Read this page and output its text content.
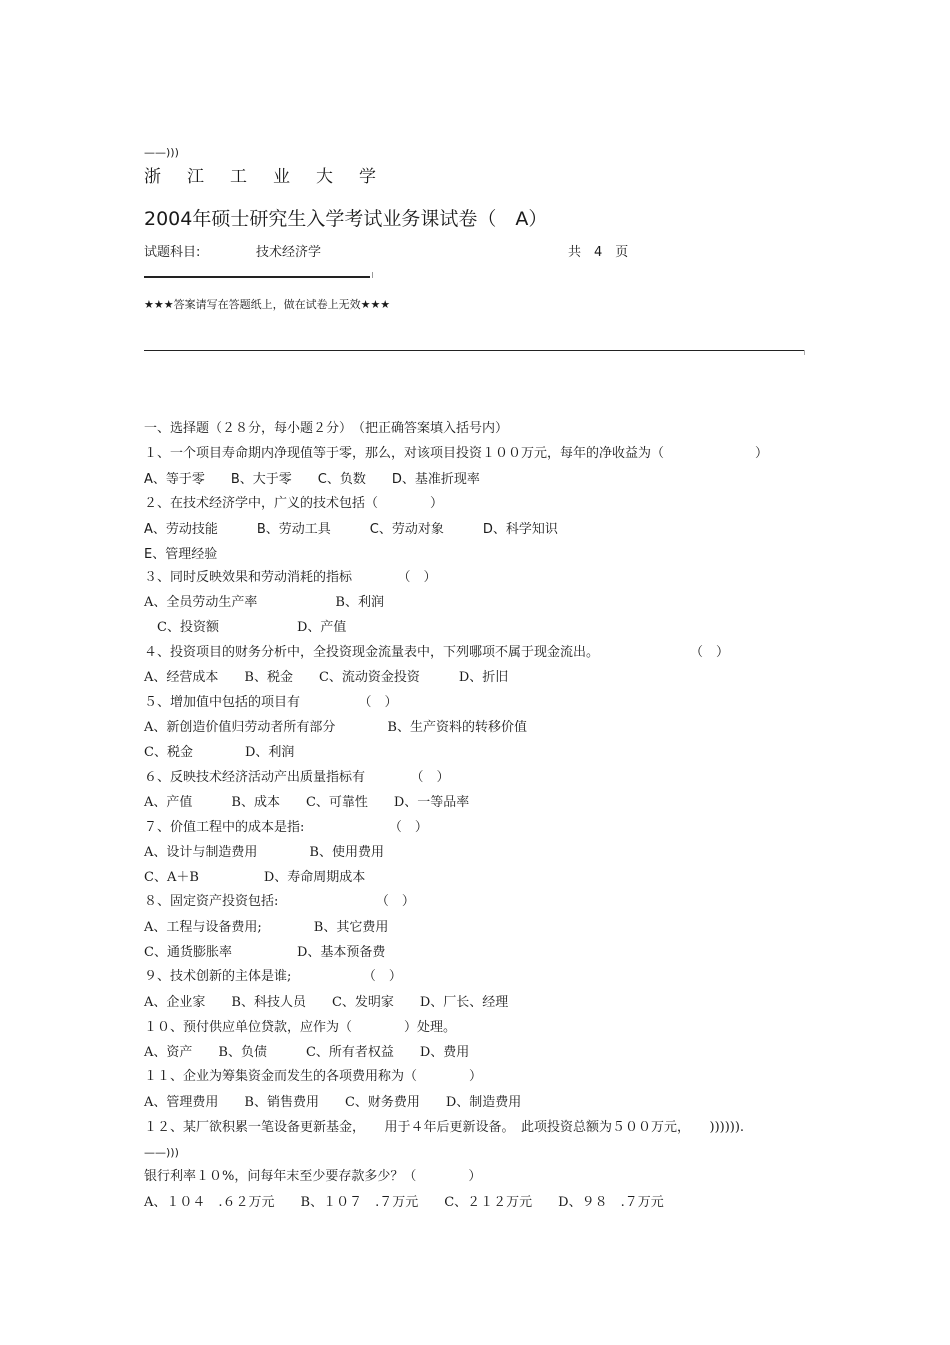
——)))
浙江工业大学
2004年硕士研究生入学考试业务课试卷（　A）
试题科目:	技术经济学	共　4　页
★★★答案请写在答题纸上，做在试卷上无效★★★
一、选择题（２８分，每小题２分）　（把正确答案填入括号内）
１、一个项目寿命期内净现值等于零，那么，对该项目投资１００万元，每年的净收益为（　　　　　　　）
A、等于零　　B、大于零　　C、负数　　D、基准折现率
２、在技术经济学中，广义的技术包括（　　　　）
A、劳动技能　　　B、劳动工具　　　C、劳动对象　　　D、科学知识
E、管理经验
３、同时反映效果和劳动消耗的指标　　　　（　）
A、全员劳动生产率　　　　　　B、利润
　C、投资额　　　　　　D、产值
４、投资项目的财务分析中，全投资现金流量表中，下列哪项不属于现金流出。　　　　　　　　（　）
A、经营成本　　B、税金　　C、流动资金投资　　　D、折旧
５、增加值中包括的项目有　　　　　（　）
A、新创造价值归劳动者所有部分　　　　B、生产资料的转移价值
C、税金　　　　D、利润
６、反映技术经济活动产出质量指标有　　　　（　）
A、产值　　　B、成本　　C、可靠性　　D、一等品率
７、价值工程中的成本是指:　　　　　　　（　）
A、设计与制造费用　　　　B、使用费用
C、A＋B　　　　　D、寿命周期成本
８、固定资产投资包括:　　　　　　　　（　）
A、工程与设备费用;　　　　B、其它费用
C、通货膨胀率　　　　　D、基本预备费
９、技术创新的主体是谁;　　　　　　（　）
A、企业家　　B、科技人员　　C、发明家　　D、厂长、经理
１０、预付供应单位贷款，应作为（　　　　）处理。
A、资产　　B、负债　　　C、所有者权益　　D、费用
１１、企业为筹集资金而发生的各项费用称为（　　　　）
A、管理费用　　B、销售费用　　C、财务费用　　D、制造费用
１２、某厂欲积累一笔设备更新基金，　　用于４年后更新设备。　此项投资总额为５００万元，　　)))))).
——)))
银行利率１０%，问每年末至少要存款多少？（　　　　）
A、１０４　.６２万元　　B、１０７　.７万元　　C、２１２万元　　D、９８　.７万元
